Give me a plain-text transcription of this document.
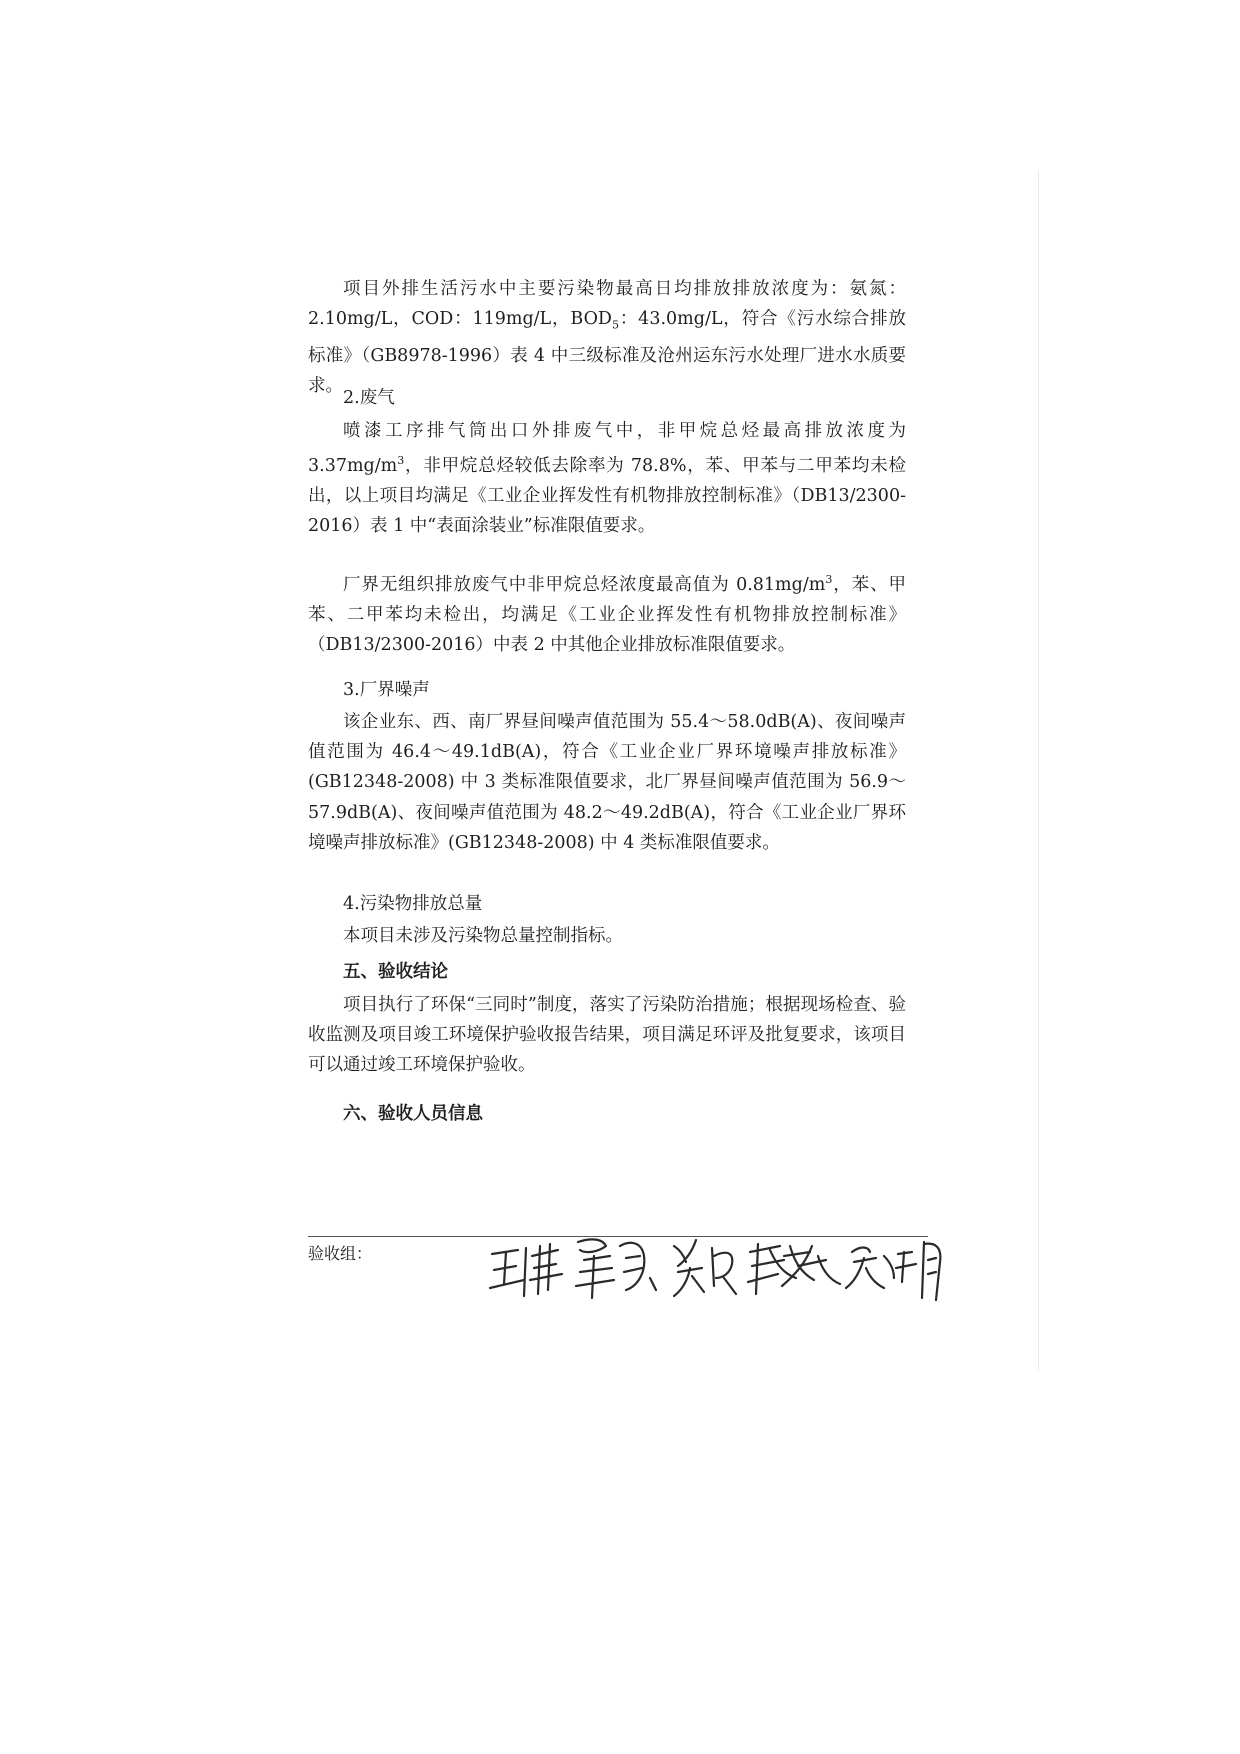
项目外排生活污水中主要污染物最高日均排放排放浓度为：氨氮：2.10mg/L，COD：119mg/L，$BOD_5$：43.0mg/L，符合《污水综合排放标准》（GB8978-1996）表 4 中三级标准及沧州运东污水处理厂进水水质要求。

2.废气

喷漆工序排气筒出口外排废气中，非甲烷总烃最高排放浓度为 $3.37mg/m^3$，非甲烷总烃较低去除率为 78.8%，苯、甲苯与二甲苯均未检出，以上项目均满足《工业企业挥发性有机物排放控制标准》（DB13/2300-2016）表 1 中“表面涂装业”标准限值要求。

厂界无组织排放废气中非甲烷总烃浓度最高值为 $0.81mg/m^3$，苯、甲苯、二甲苯均未检出，均满足《工业企业挥发性有机物排放控制标准》（DB13/2300-2016）中表 2 中其他企业排放标准限值要求。

3.厂界噪声

该企业东、西、南厂界昼间噪声值范围为 55.4～58.0dB(A)、夜间噪声值范围为 46.4～49.1dB(A)，符合《工业企业厂界环境噪声排放标准》(GB12348-2008) 中 3 类标准限值要求，北厂界昼间噪声值范围为 56.9～57.9dB(A)、夜间噪声值范围为 48.2～49.2dB(A)，符合《工业企业厂界环境噪声排放标准》(GB12348-2008) 中 4 类标准限值要求。

4.污染物排放总量

本项目未涉及污染物总量控制指标。

五、验收结论

项目执行了环保“三同时”制度，落实了污染防治措施；根据现场检查、验收监测及项目竣工环境保护验收报告结果，项目满足环评及批复要求，该项目可以通过竣工环境保护验收。

六、验收人员信息

验收组：
